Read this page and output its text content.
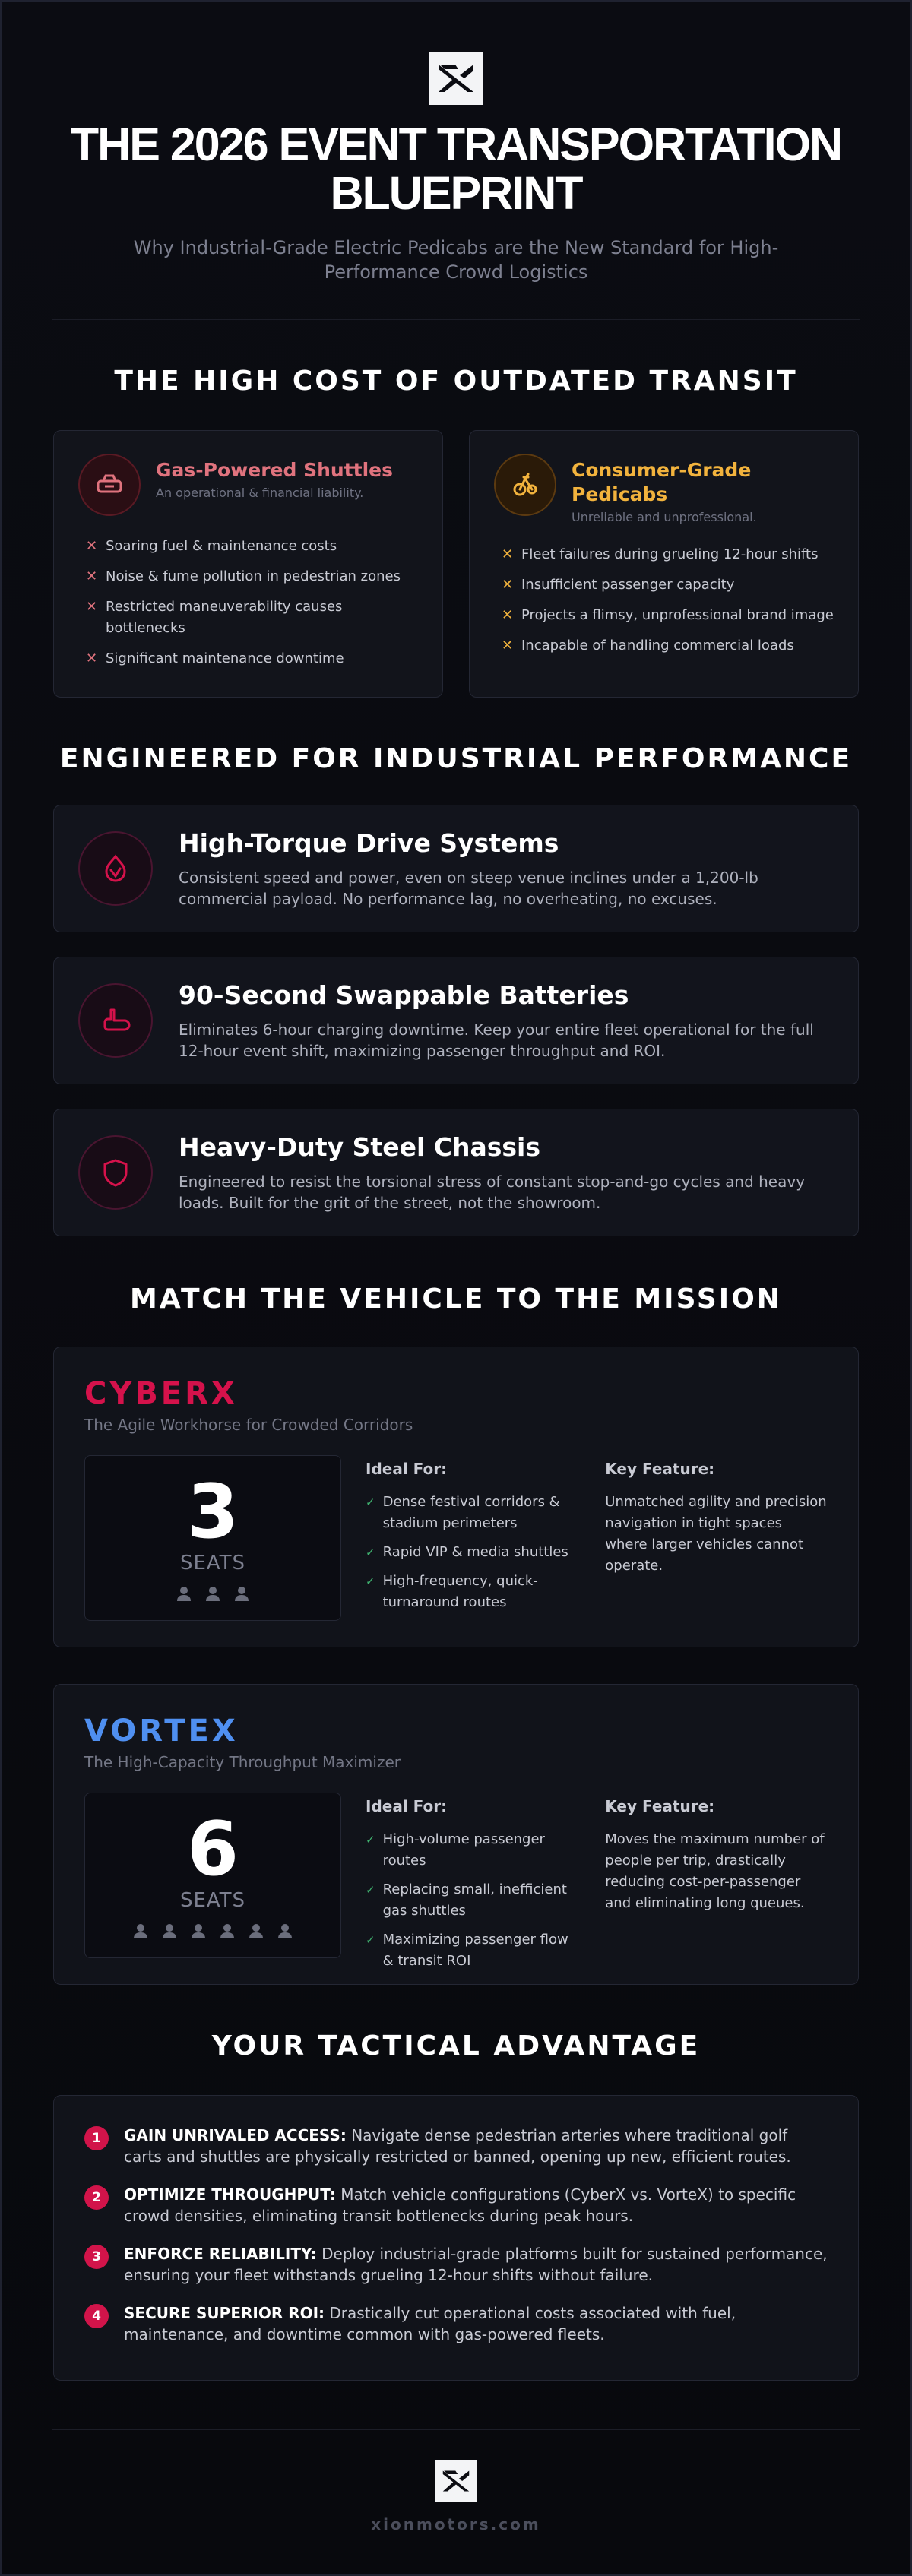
THE 2026 EVENT TRANSPORTATION BLUEPRINT
Why Industrial-Grade Electric Pedicabs are the New Standard for High-Performance Crowd Logistics
THE HIGH COST OF OUTDATED TRANSIT
Gas-Powered Shuttles
An operational & financial liability.
✕ Soaring fuel & maintenance costs
✕ Noise & fume pollution in pedestrian zones
✕ Restricted maneuverability causes bottlenecks
✕ Significant maintenance downtime
Consumer-Grade Pedicabs
Unreliable and unprofessional.
✕ Fleet failures during grueling 12-hour shifts
✕ Insufficient passenger capacity
✕ Projects a flimsy, unprofessional brand image
✕ Incapable of handling commercial loads
ENGINEERED FOR INDUSTRIAL PERFORMANCE
High-Torque Drive Systems
Consistent speed and power, even on steep venue inclines under a 1,200-lb commercial payload. No performance lag, no overheating, no excuses.
90-Second Swappable Batteries
Eliminates 6-hour charging downtime. Keep your entire fleet operational for the full 12-hour event shift, maximizing passenger throughput and ROI.
Heavy-Duty Steel Chassis
Engineered to resist the torsional stress of constant stop-and-go cycles and heavy loads. Built for the grit of the street, not the showroom.
MATCH THE VEHICLE TO THE MISSION
CYBERX
The Agile Workhorse for Crowded Corridors
3
SEATS
Ideal For:
✓ Dense festival corridors & stadium perimeters
✓ Rapid VIP & media shuttles
✓ High-frequency, quick-turnaround routes
Key Feature:
Unmatched agility and precision navigation in tight spaces where larger vehicles cannot operate.
VORTEX
The High-Capacity Throughput Maximizer
6
SEATS
Ideal For:
✓ High-volume passenger routes
✓ Replacing small, inefficient gas shuttles
✓ Maximizing passenger flow & transit ROI
Key Feature:
Moves the maximum number of people per trip, drastically reducing cost-per-passenger and eliminating long queues.
YOUR TACTICAL ADVANTAGE
1	GAIN UNRIVALED ACCESS: Navigate dense pedestrian arteries where traditional golf carts and shuttles are physically restricted or banned, opening up new, efficient routes.
2	OPTIMIZE THROUGHPUT: Match vehicle configurations (CyberX vs. VorteX) to specific crowd densities, eliminating transit bottlenecks during peak hours.
3	ENFORCE RELIABILITY: Deploy industrial-grade platforms built for sustained performance, ensuring your fleet withstands grueling 12-hour shifts without failure.
4	SECURE SUPERIOR ROI: Drastically cut operational costs associated with fuel, maintenance, and downtime common with gas-powered fleets.
xionmotors.com
